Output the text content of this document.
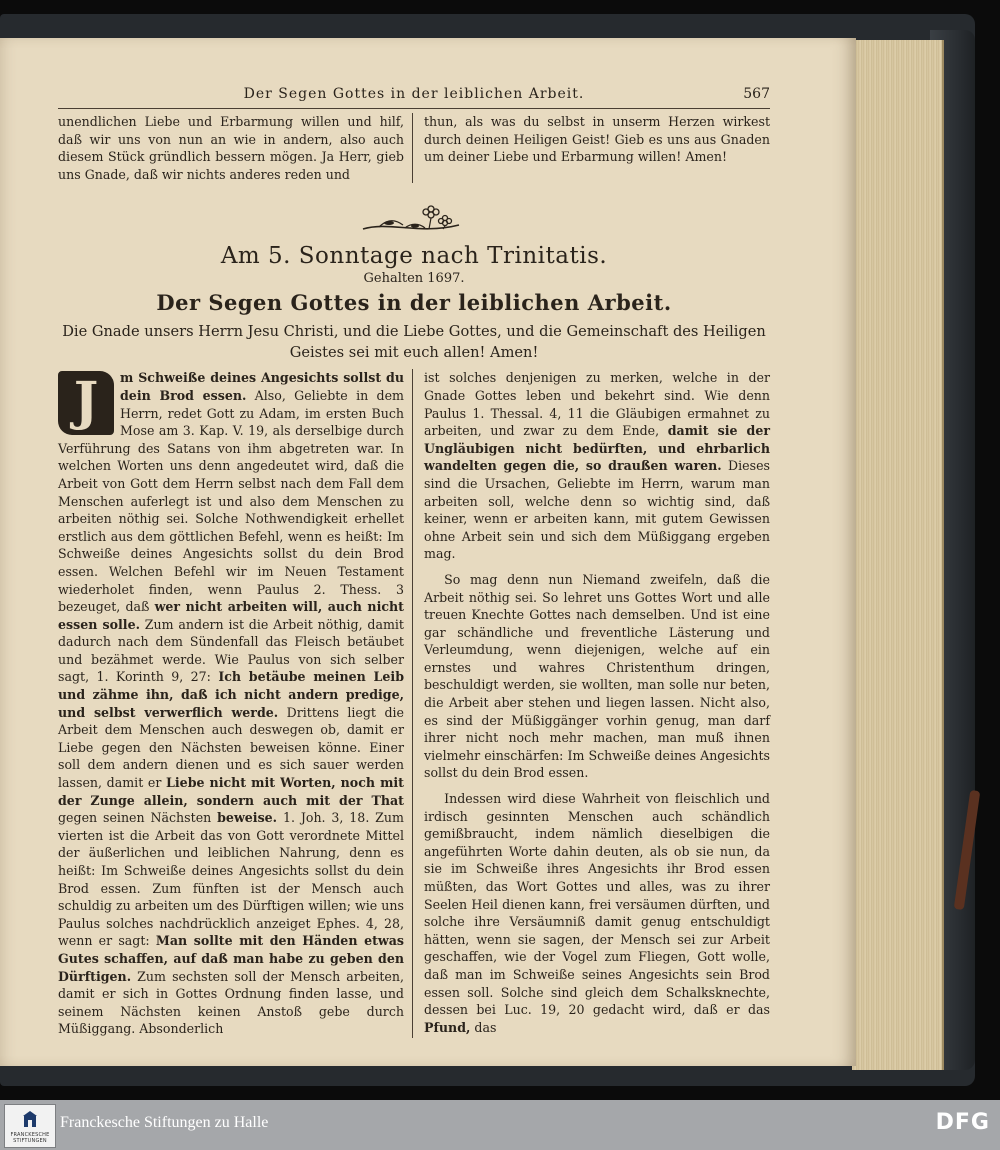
Der Segen Gottes in der leiblichen Arbeit.	567

unendlichen Liebe und Erbarmung willen und hilf, daß wir uns von nun an wie in andern, also auch diesem Stück gründlich bessern mögen. Ja Herr, gieb uns Gnade, daß wir nichts anderes reden und

thun, als was du selbst in unserm Herzen wirkest durch deinen Heiligen Geist! Gieb es uns aus Gnaden um deiner Liebe und Erbarmung willen! Amen!

Am 5. Sonntage nach Trinitatis.
Gehalten 1697.
Der Segen Gottes in der leiblichen Arbeit.
Die Gnade unsers Herrn Jesu Christi, und die Liebe Gottes, und die Gemeinschaft des Heiligen Geistes sei mit euch allen! Amen!

J	m Schweiße deines Angesichts sollst du dein Brod essen. Also, Geliebte in dem Herrn, redet Gott zu Adam, im ersten Buch Mose am 3. Kap. V. 19, als derselbige durch Verführung des Satans von ihm abgetreten war. In welchen Worten uns denn angedeutet wird, daß die Arbeit von Gott dem Herrn selbst nach dem Fall dem Menschen auferlegt ist und also dem Menschen zu arbeiten nöthig sei. Solche Nothwendigkeit erhellet erstlich aus dem göttlichen Befehl, wenn es heißt: Im Schweiße deines Angesichts sollst du dein Brod essen. Welchen Befehl wir im Neuen Testament wiederholet finden, wenn Paulus 2. Thess. 3 bezeuget, daß wer nicht arbeiten will, auch nicht essen solle. Zum andern ist die Arbeit nöthig, damit dadurch nach dem Sündenfall das Fleisch betäubet und bezähmet werde. Wie Paulus von sich selber sagt, 1. Korinth 9, 27: Ich betäube meinen Leib und zähme ihn, daß ich nicht andern predige, und selbst verwerflich werde. Drittens liegt die Arbeit dem Menschen auch deswegen ob, damit er Liebe gegen den Nächsten beweisen könne. Einer soll dem andern dienen und es sich sauer werden lassen, damit er Liebe nicht mit Worten, noch mit der Zunge allein, sondern auch mit der That gegen seinen Nächsten beweise. 1. Joh. 3, 18. Zum vierten ist die Arbeit das von Gott verordnete Mittel der äußerlichen und leiblichen Nahrung, denn es heißt: Im Schweiße deines Angesichts sollst du dein Brod essen. Zum fünften ist der Mensch auch schuldig zu arbeiten um des Dürftigen willen; wie uns Paulus solches nachdrücklich anzeiget Ephes. 4, 28, wenn er sagt: Man sollte mit den Händen etwas Gutes schaffen, auf daß man habe zu geben den Dürftigen. Zum sechsten soll der Mensch arbeiten, damit er sich in Gottes Ordnung finden lasse, und seinem Nächsten keinen Anstoß gebe durch Müßiggang. Absonderlich

ist solches denjenigen zu merken, welche in der Gnade Gottes leben und bekehrt sind. Wie denn Paulus 1. Thessal. 4, 11 die Gläubigen ermahnet zu arbeiten, und zwar zu dem Ende, damit sie der Ungläubigen nicht bedürften, und ehrbarlich wandelten gegen die, so draußen waren. Dieses sind die Ursachen, Geliebte im Herrn, warum man arbeiten soll, welche denn so wichtig sind, daß keiner, wenn er arbeiten kann, mit gutem Gewissen ohne Arbeit sein und sich dem Müßiggang ergeben mag.

So mag denn nun Niemand zweifeln, daß die Arbeit nöthig sei. So lehret uns Gottes Wort und alle treuen Knechte Gottes nach demselben. Und ist eine gar schändliche und freventliche Lästerung und Verleumdung, wenn diejenigen, welche auf ein ernstes und wahres Christenthum dringen, beschuldigt werden, sie wollten, man solle nur beten, die Arbeit aber stehen und liegen lassen. Nicht also, es sind der Müßiggänger vorhin genug, man darf ihrer nicht noch mehr machen, man muß ihnen vielmehr einschärfen: Im Schweiße deines Angesichts sollst du dein Brod essen.

Indessen wird diese Wahrheit von fleischlich und irdisch gesinnten Menschen auch schändlich gemißbraucht, indem nämlich dieselbigen die angeführten Worte dahin deuten, als ob sie nun, da sie im Schweiße ihres Angesichts ihr Brod essen müßten, das Wort Gottes und alles, was zu ihrer Seelen Heil dienen kann, frei versäumen dürften, und solche ihre Versäumniß damit genug entschuldigt hätten, wenn sie sagen, der Mensch sei zur Arbeit geschaffen, wie der Vogel zum Fliegen, Gott wolle, daß man im Schweiße seines Angesichts sein Brod essen soll. Solche sind gleich dem Schalksknechte, dessen bei Luc. 19, 20 gedacht wird, daß er das Pfund, das

FRANCKESCHE
STIFTUNGEN
Franckesche Stiftungen zu Halle	DFG
